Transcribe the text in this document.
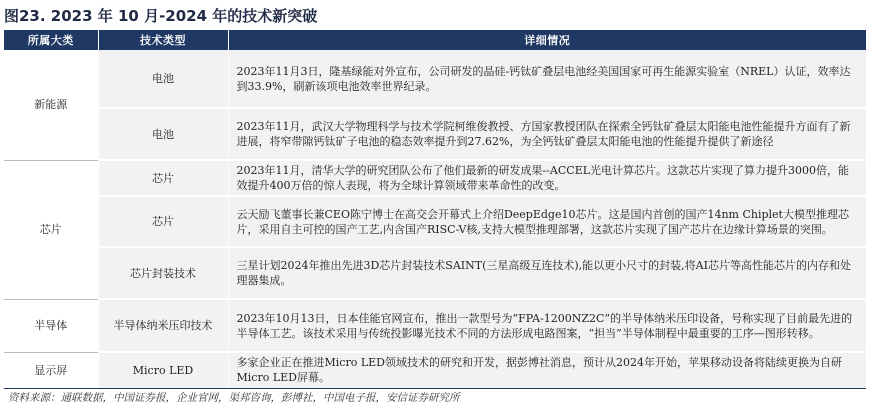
图23. 2023 年 10 月-2024 年的技术新突破
所属大类	技术类型	详细情况
新能源	电池	2023年11月3日，隆基绿能对外宣布，公司研发的晶硅-钙钛矿叠层电池经美国国家可再生能源实验室（NREL）认证，效率达到33.9%，刷新该项电池效率世界纪录。
	电池	2023年11月，武汉大学物理科学与技术学院柯维俊教授、方国家教授团队在探索全钙钛矿叠层太阳能电池性能提升方面有了新进展，将窄带隙钙钛矿子电池的稳态效率提升到27.62%，为全钙钛矿叠层太阳能电池的性能提升提供了新途径
芯片	芯片	2023年11月，清华大学的研究团队公布了他们最新的研发成果--ACCEL光电计算芯片。这款芯片实现了算力提升3000倍，能效提升400万倍的惊人表现，将为全球计算领域带来革命性的改变。
	芯片	云天励飞董事长兼CEO陈宁博士在高交会开幕式上介绍DeepEdge10芯片。这是国内首创的国产14nm Chiplet大模型推理芯片，采用自主可控的国产工艺,内含国产RISC-V核,支持大模型推理部署，这款芯片实现了国产芯片在边缘计算场景的突围。
	芯片封装技术	三星计划2024年推出先进3D芯片封装技术SAINT(三星高级互连技术),能以更小尺寸的封装,将AI芯片等高性能芯片的内存和处理器集成。
半导体	半导体纳米压印技术	2023年10月13日，日本佳能官网宣布，推出一款型号为“FPA-1200NZ2C”的半导体纳米压印设备，号称实现了目前最先进的半导体工艺。该技术采用与传统投影曝光技术不同的方法形成电路图案，“担当”半导体制程中最重要的工序—图形转移。
显示屏	Micro LED	多家企业正在推进Micro LED领域技术的研究和开发，据彭博社消息，预计从2024年开始，苹果移动设备将陆续更换为自研Micro LED屏幕。
资料来源：通联数据，中国证券报，企业官网，渠邦咨询，彭博社，中国电子报，安信证券研究所
